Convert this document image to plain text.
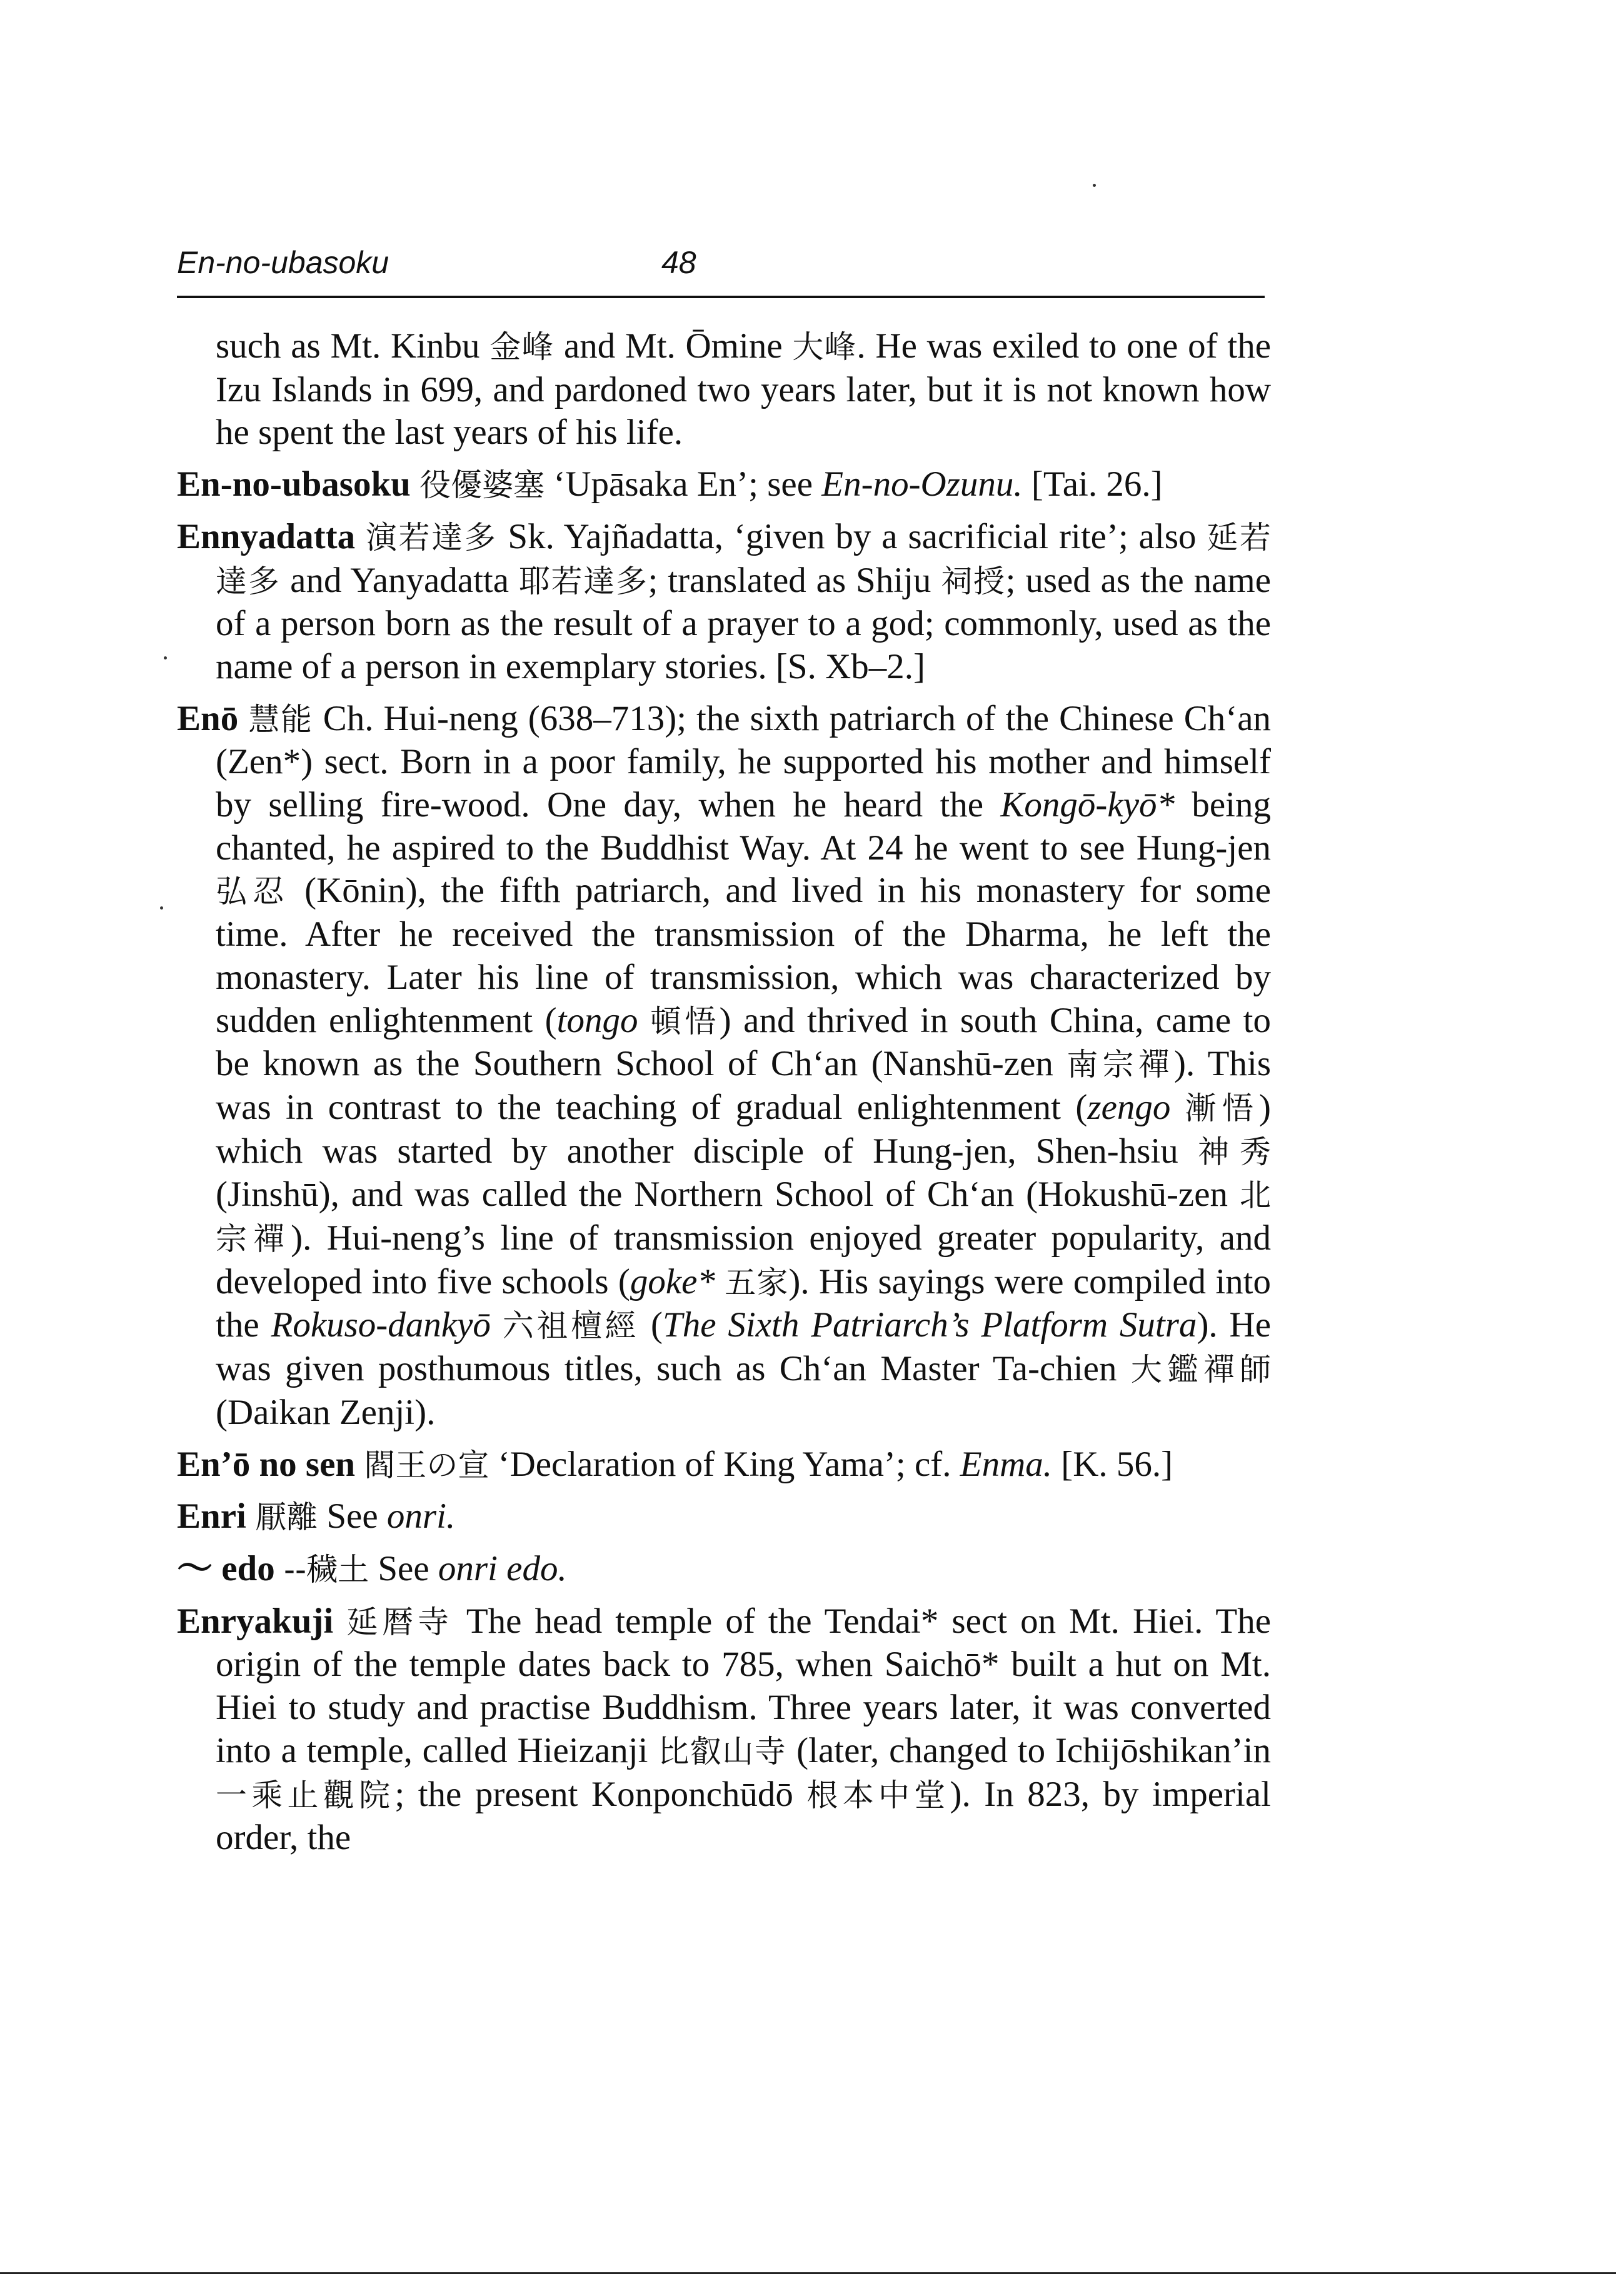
En-no-ubasoku	48

such as Mt. Kinbu 金峰 and Mt. Ōmine 大峰. He was exiled to one of the Izu Islands in 699, and pardoned two years later, but it is not known how he spent the last years of his life.

En-no-ubasoku 役優婆塞 ‘Upāsaka En’; see En-no-Ozunu. [Tai. 26.]

Ennyadatta 演若達多 Sk. Yajñadatta, ‘given by a sacrificial rite’; also 延若達多 and Yanyadatta 耶若達多; translated as Shiju 祠授; used as the name of a person born as the result of a prayer to a god; commonly, used as the name of a person in exemplary stories. [S. Xb–2.]

Enō 慧能 Ch. Hui-neng (638–713); the sixth patriarch of the Chinese Ch‘an (Zen*) sect. Born in a poor family, he supported his mother and himself by selling fire-wood. One day, when he heard the Kongō-kyō* being chanted, he aspired to the Buddhist Way. At 24 he went to see Hung-jen 弘忍 (Kōnin), the fifth patriarch, and lived in his monastery for some time. After he received the transmission of the Dharma, he left the monastery. Later his line of transmission, which was characterized by sudden enlightenment (tongo 頓悟) and thrived in south China, came to be known as the Southern School of Ch‘an (Nanshū-zen 南宗禪). This was in contrast to the teaching of gradual enlightenment (zengo 漸悟) which was started by another disciple of Hung-jen, Shen-hsiu 神秀 (Jinshū), and was called the Northern School of Ch‘an (Hokushū-zen 北宗禪). Hui-neng’s line of transmission enjoyed greater popularity, and developed into five schools (goke* 五家). His sayings were compiled into the Rokuso-dankyō 六祖檀經 (The Sixth Patriarch’s Platform Sutra). He was given posthumous titles, such as Ch‘an Master Ta-chien 大鑑禪師 (Daikan Zenji).

En’ō no sen 閻王の宣 ‘Declaration of King Yama’; cf. Enma. [K. 56.]

Enri 厭離 See onri.

～ edo --穢土 See onri edo.

Enryakuji 延暦寺 The head temple of the Tendai* sect on Mt. Hiei. The origin of the temple dates back to 785, when Saichō* built a hut on Mt. Hiei to study and practise Buddhism. Three years later, it was converted into a temple, called Hieizanji 比叡山寺 (later, changed to Ichijōshikan’in 一乘止觀院; the present Konponchūdō 根本中堂). In 823, by imperial order, the
